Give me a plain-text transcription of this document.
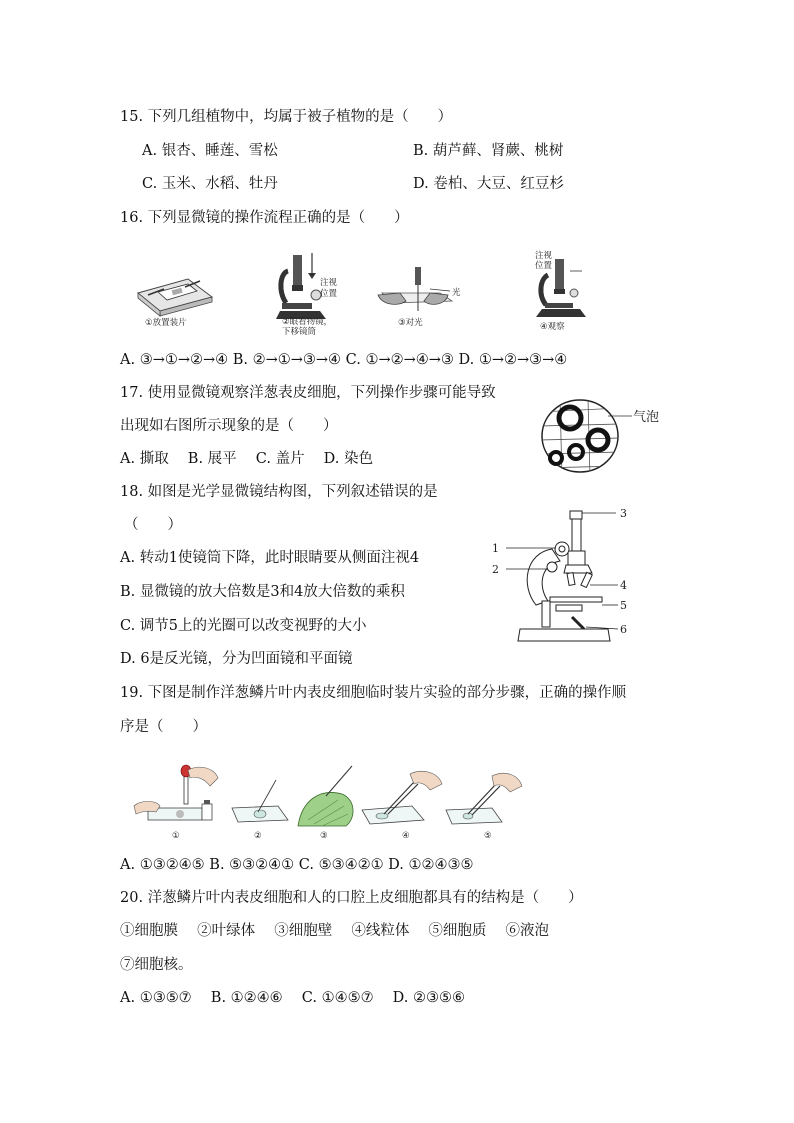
15. 下列几组植物中，均属于被子植物的是（　　）
A. 银杏、睡莲、雪松	B. 葫芦藓、肾蕨、桃树
C. 玉米、水稻、牡丹	D. 卷柏、大豆、红豆杉
16. 下列显微镜的操作流程正确的是（　　）
①放置装片
注视
位置
②眼看物镜，
下移镜筒
光
③对光
注视
位置
④观察
A. ③→①→②→④ B. ②→①→③→④ C. ①→②→④→③ D. ①→②→③→④
17. 使用显微镜观察洋葱表皮细胞，下列操作步骤可能导致
出现如右图所示现象的是（　　）
A. 撕取　 B. 展平　 C. 盖片　 D. 染色
气泡
18. 如图是光学显微镜结构图，下列叙述错误的是
（　　）
A. 转动1使镜筒下降，此时眼睛要从侧面注视4
B. 显微镜的放大倍数是3和4放大倍数的乘积
C. 调节5上的光圈可以改变视野的大小
D. 6是反光镜，分为凹面镜和平面镜
1
2
3
4
5
6
19. 下图是制作洋葱鳞片叶内表皮细胞临时装片实验的部分步骤，正确的操作顺
序是（　　）
①	②	③	④	⑤
A. ①③②④⑤ B. ⑤③②④① C. ⑤③④②① D. ①②④③⑤
20. 洋葱鳞片叶内表皮细胞和人的口腔上皮细胞都具有的结构是（　　）
①细胞膜　 ②叶绿体　 ③细胞壁　 ④线粒体　 ⑤细胞质　 ⑥液泡
⑦细胞核。
A. ①③⑤⑦　 B. ①②④⑥　 C. ①④⑤⑦　 D. ②③⑤⑥
